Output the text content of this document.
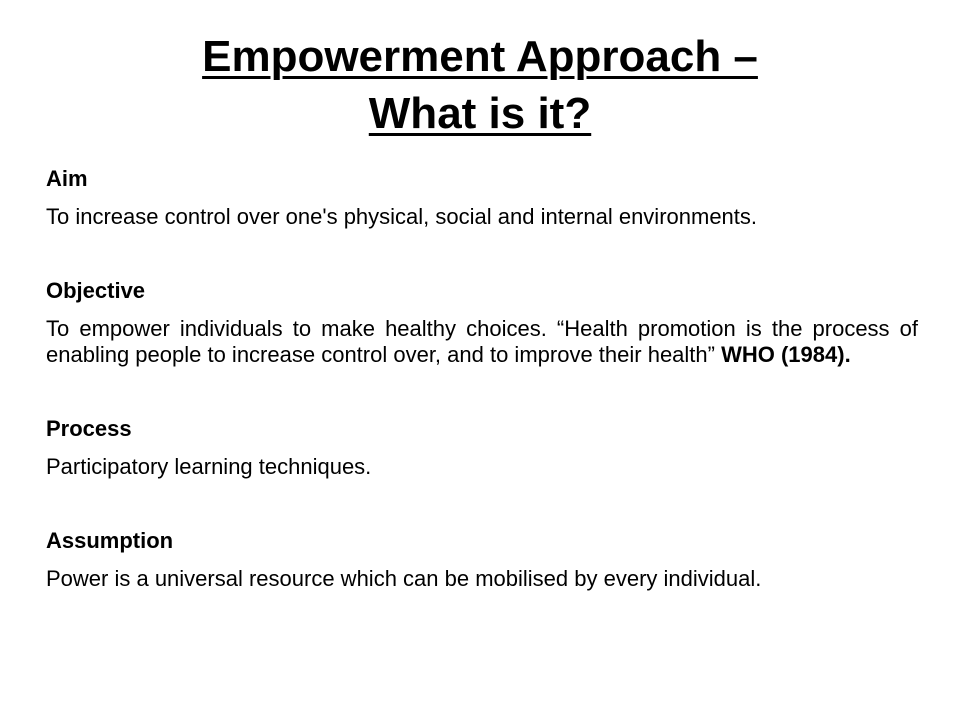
Empowerment Approach –
What is it?

Aim

To increase control over one's physical, social and internal environments.

Objective

To empower individuals to make healthy choices. “Health promotion is the process of enabling people to increase control over, and to improve their health” WHO (1984).

Process

Participatory learning techniques.

Assumption

Power is a universal resource which can be mobilised by every individual.
